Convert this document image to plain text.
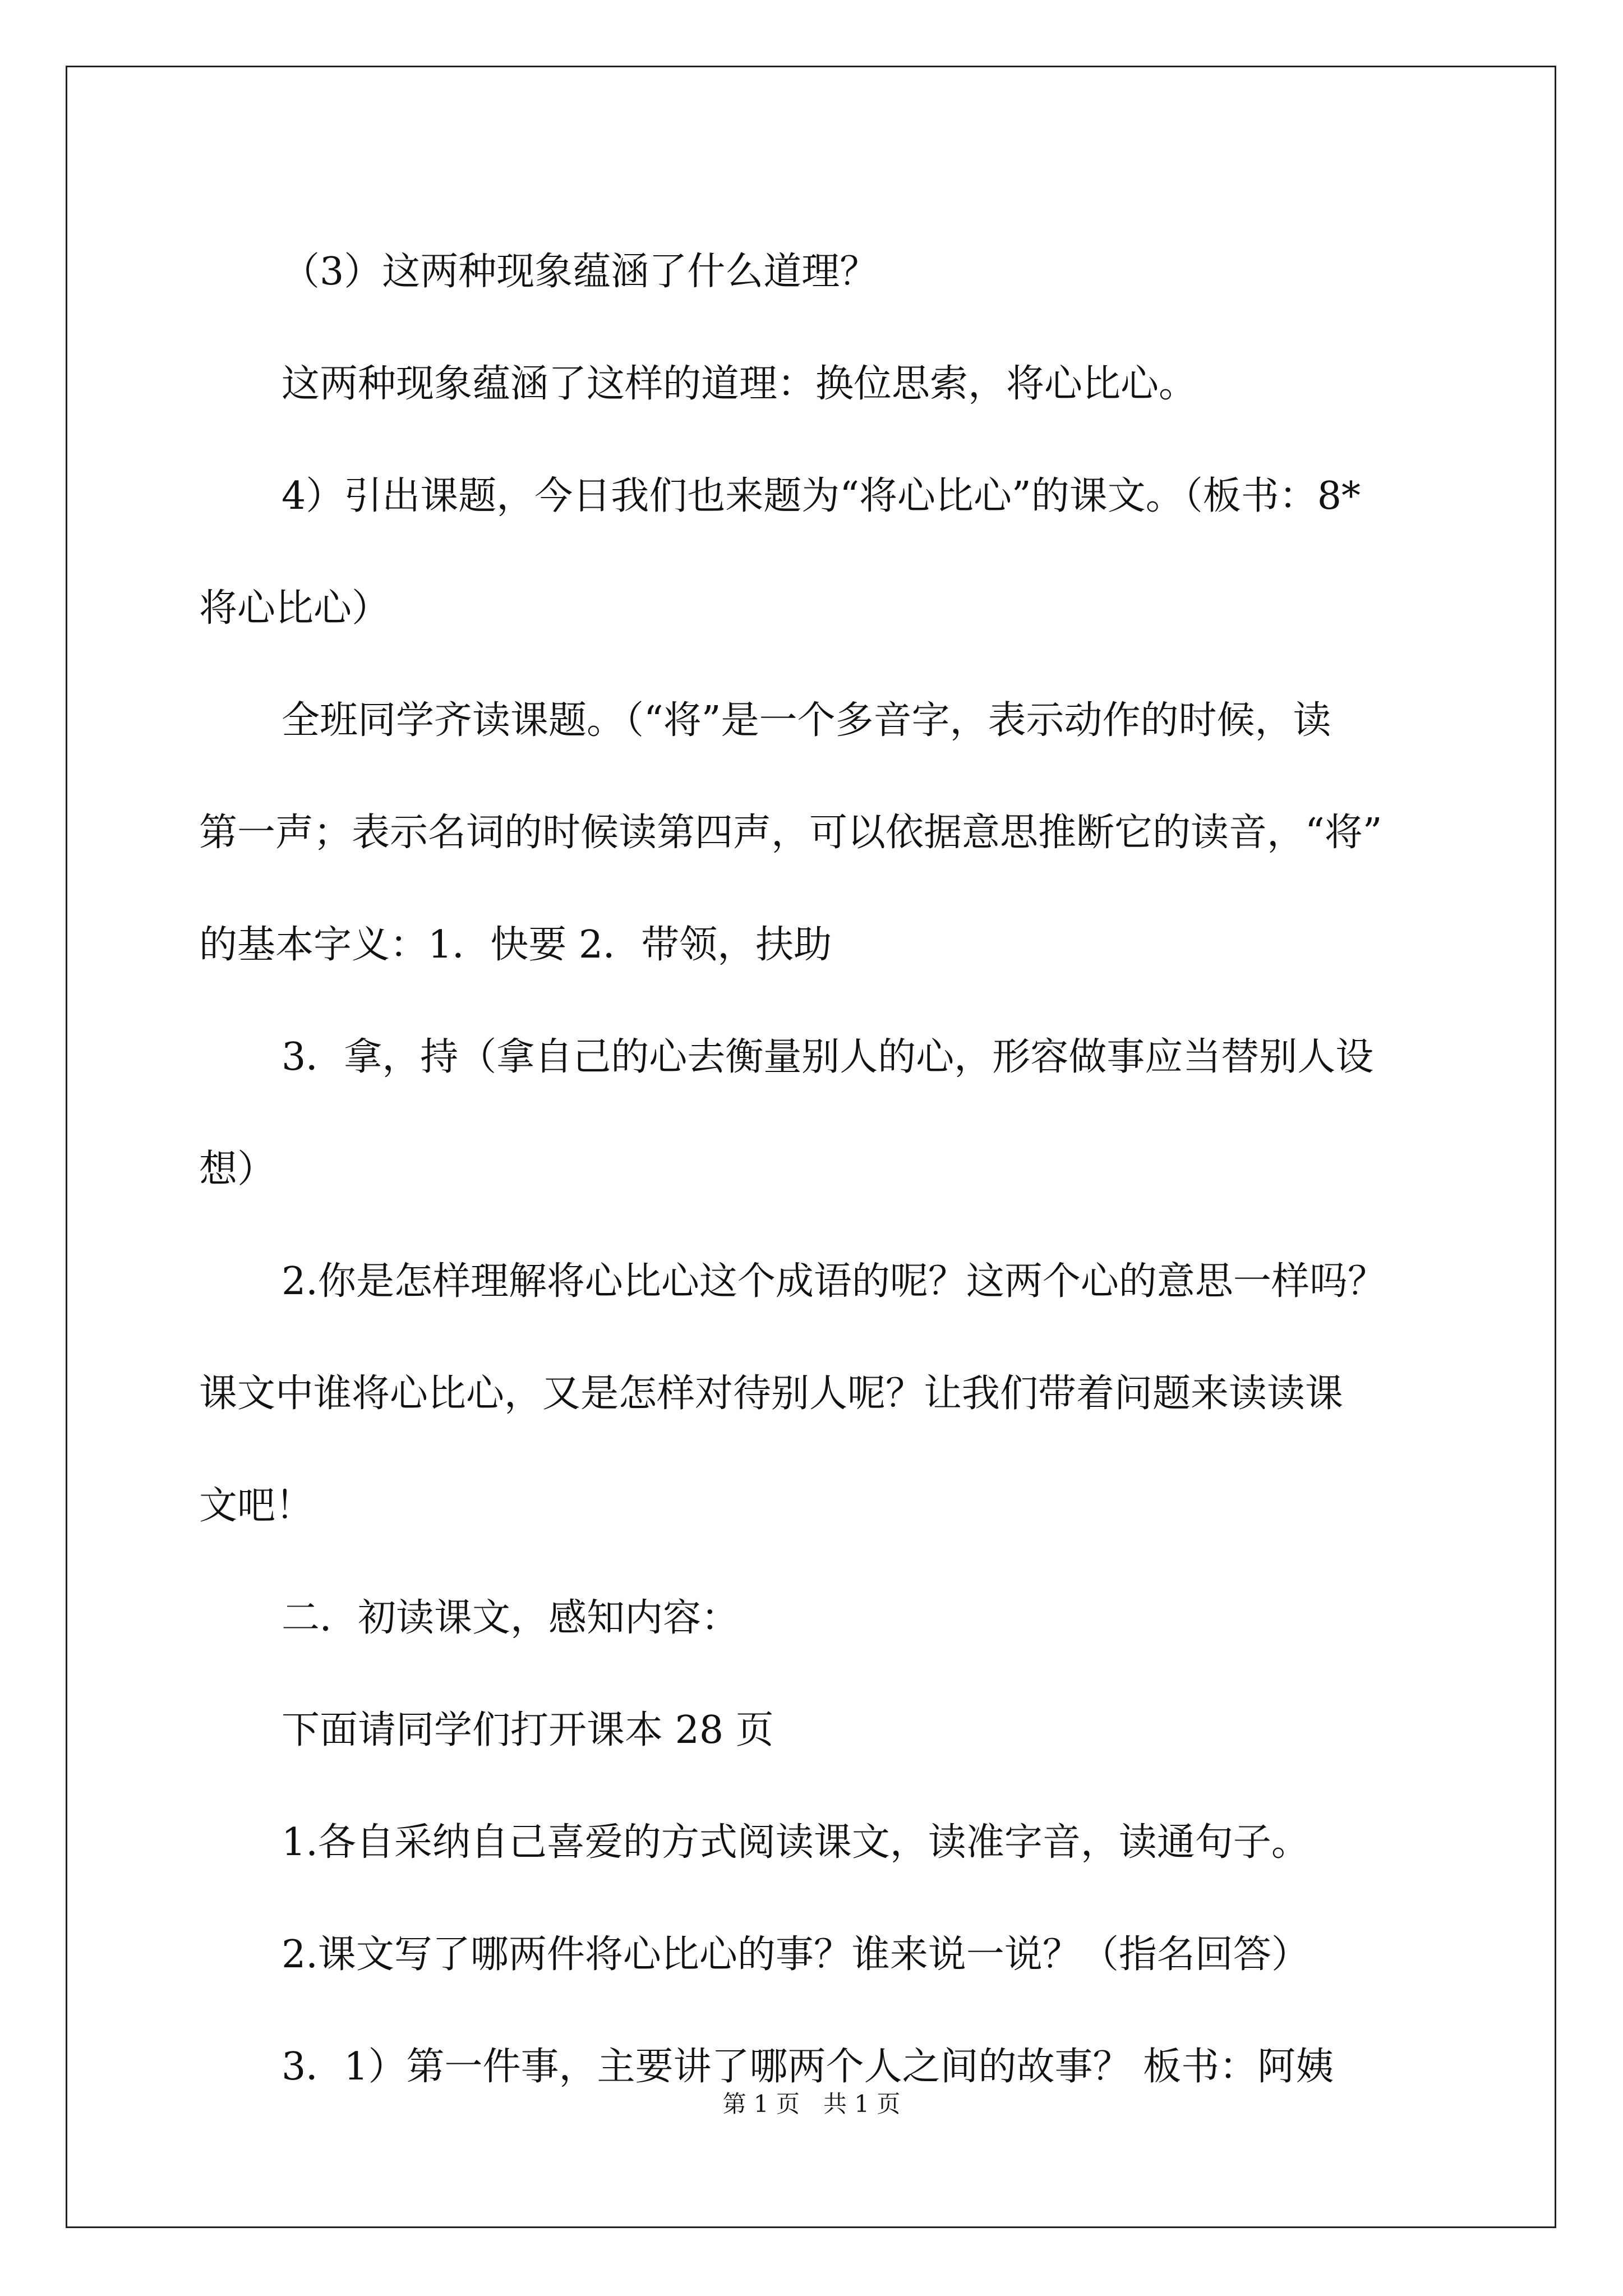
（3）这两种现象蕴涵了什么道理？

这两种现象蕴涵了这样的道理：换位思索，将心比心。

4）引出课题，今日我们也来题为“将心比心”的课文。（板书：8*

将心比心）

全班同学齐读课题。（“将”是一个多音字，表示动作的时候，读

第一声；表示名词的时候读第四声，可以依据意思推断它的读音，“将”

的基本字义：1．快要 2．带领，扶助

3．拿，持（拿自己的心去衡量别人的心，形容做事应当替别人设

想）

2.你是怎样理解将心比心这个成语的呢？这两个心的意思一样吗？

课文中谁将心比心，又是怎样对待别人呢？让我们带着问题来读读课

文吧！

二．初读课文，感知内容：

下面请同学们打开课本 28 页

1.各自采纳自己喜爱的方式阅读课文，读准字音，读通句子。

2.课文写了哪两件将心比心的事？谁来说一说？（指名回答）

3．1）第一件事，主要讲了哪两个人之间的故事？ 板书：阿姨

第 1 页　共 1 页
